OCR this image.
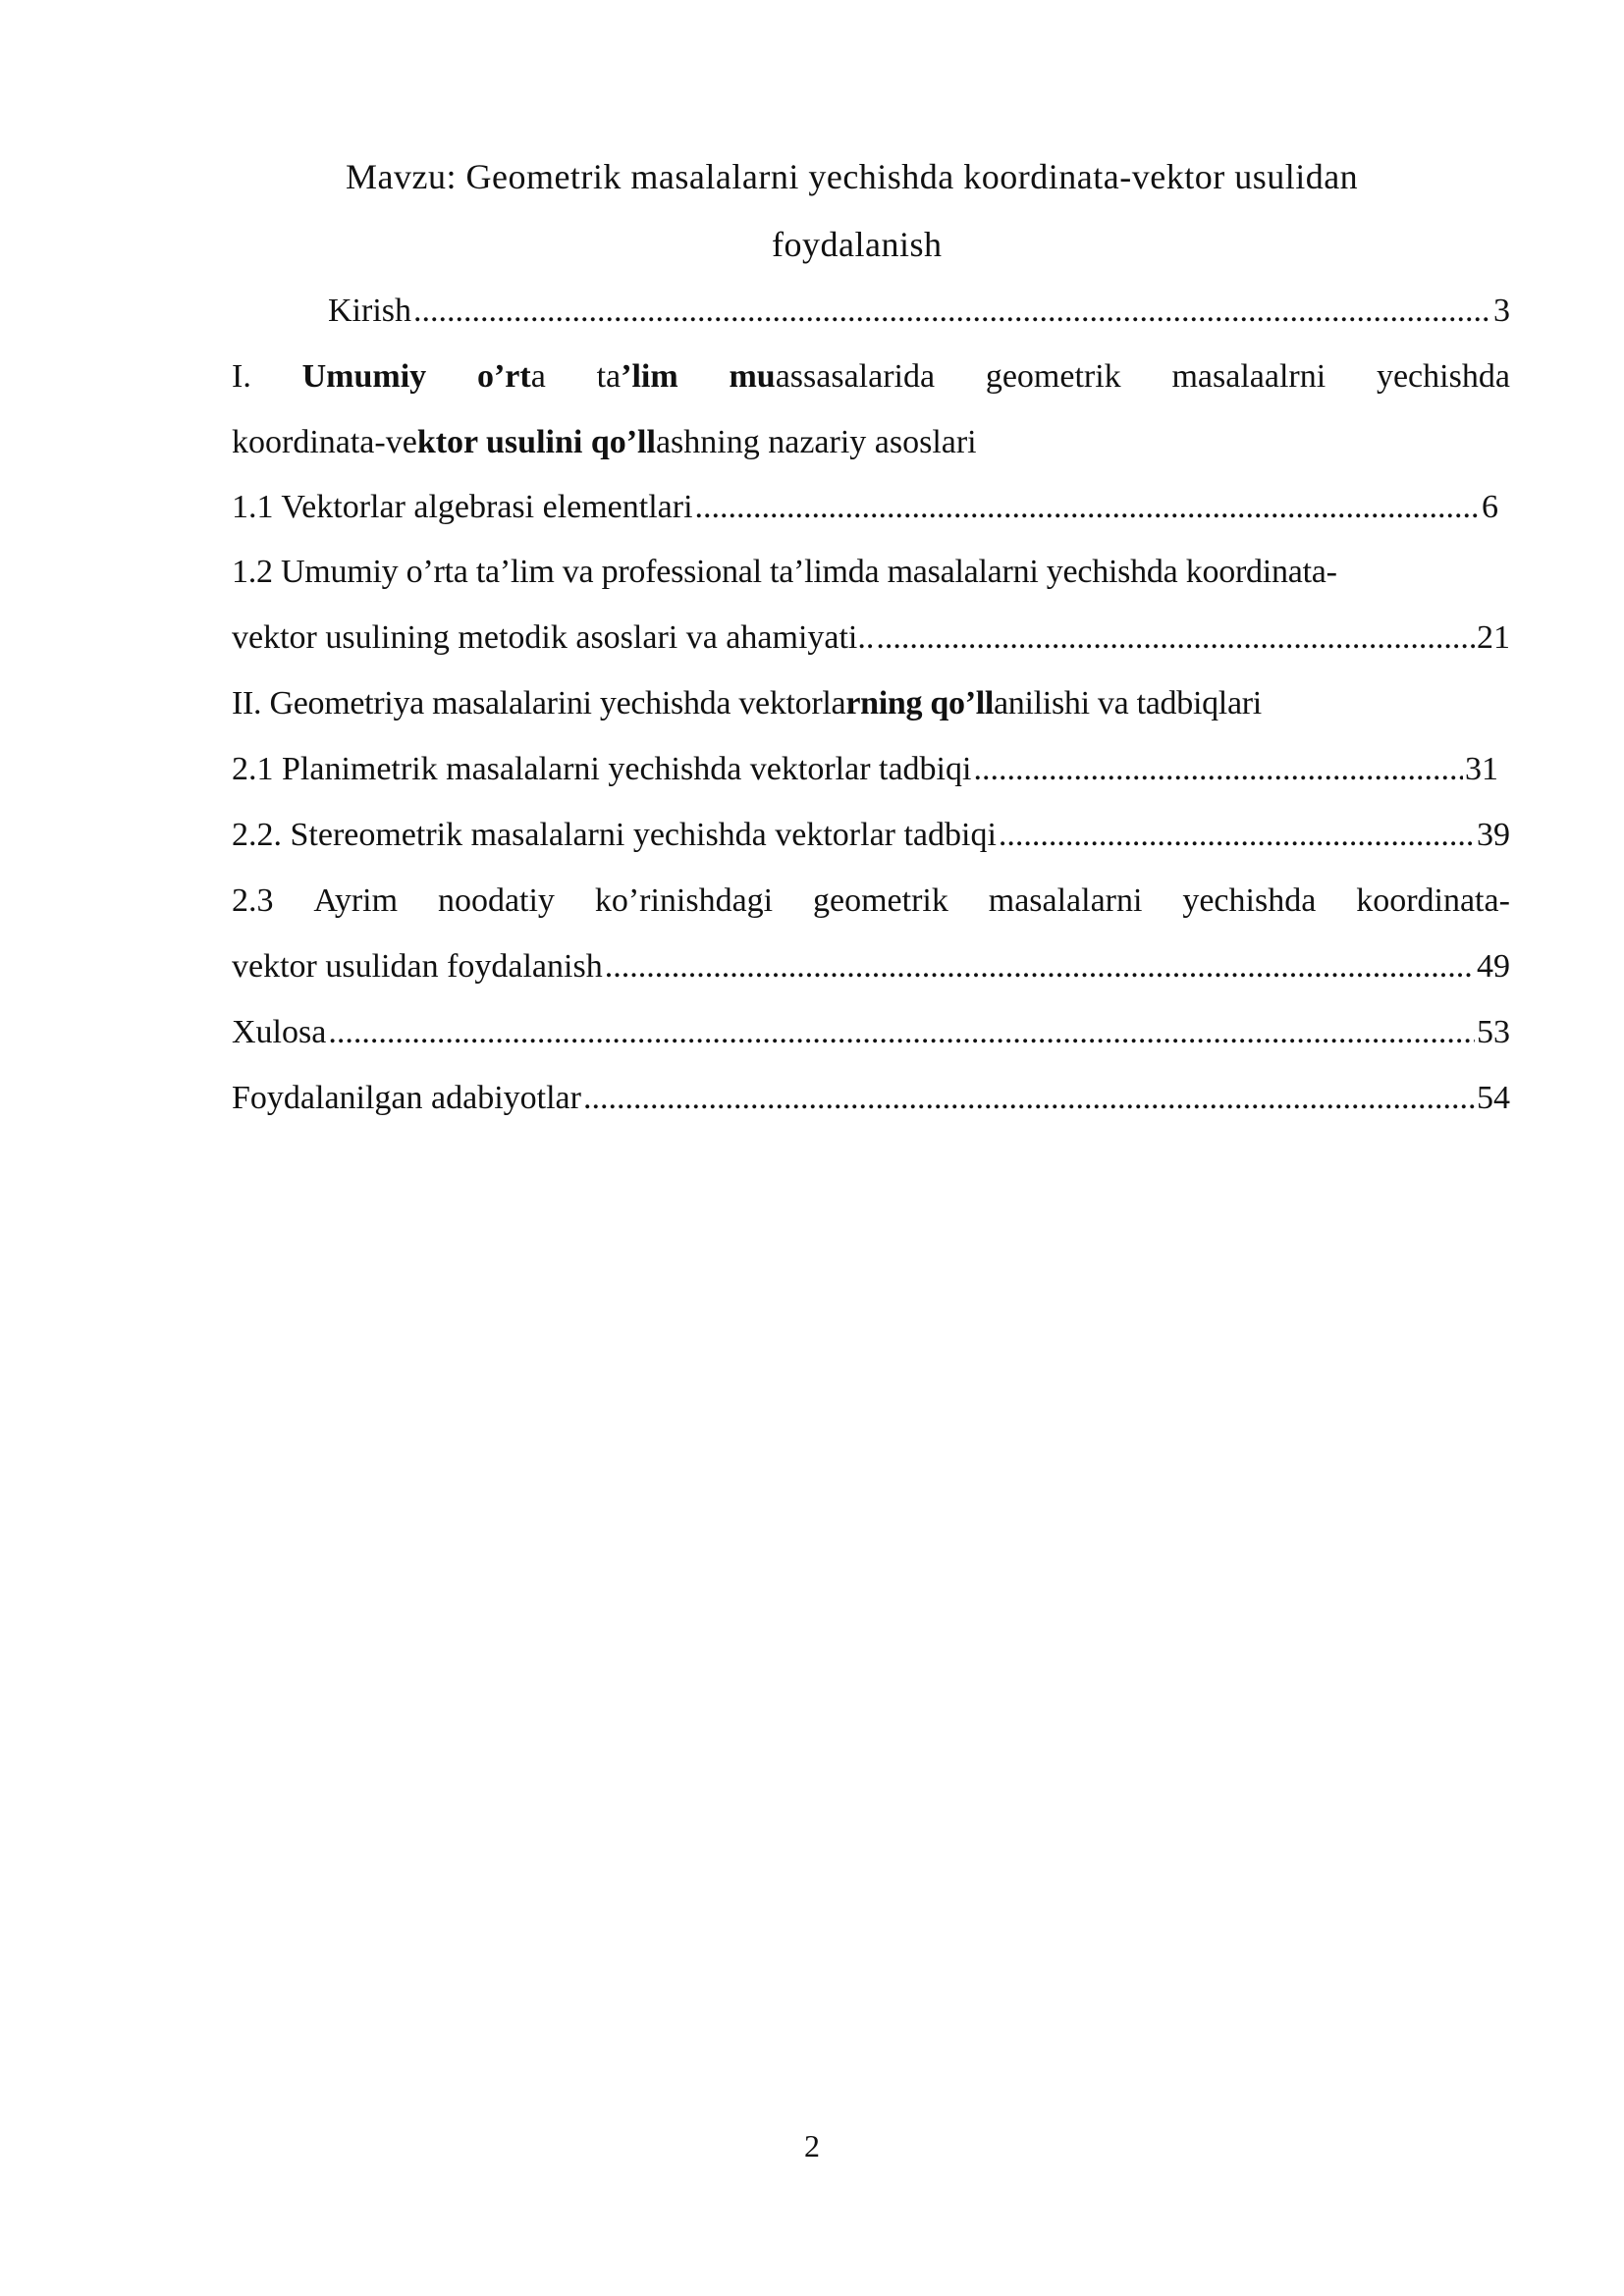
Mavzu: Geometrik masalalarni yechishda koordinata-vektor usulidan
foydalanish
Kirish .....	3
I. Umumiy o’rta ta’lim muassasalarida geometrik masalaalrni yechishda
koordinata-vektor usulini qo’llashning nazariy asoslari
1.1 Vektorlar algebrasi elementlari .....	6
1.2 Umumiy o’rta ta’lim va professional ta’limda masalalarni yechishda koordinata-
vektor usulining metodik asoslari va ahamiyati.. .....	21
II. Geometriya masalalarini yechishda vektorlarning qo’llanilishi va tadbiqlari
2.1 Planimetrik masalalarni yechishda vektorlar tadbiqi .....	31
2.2. Stereometrik masalalarni yechishda vektorlar tadbiqi .....	39
2.3 Ayrim noodatiy ko’rinishdagi geometrik masalalarni yechishda koordinata-
vektor usulidan foydalanish .....	49
Xulosa .....	53
Foydalanilgan adabiyotlar .....	54
2
